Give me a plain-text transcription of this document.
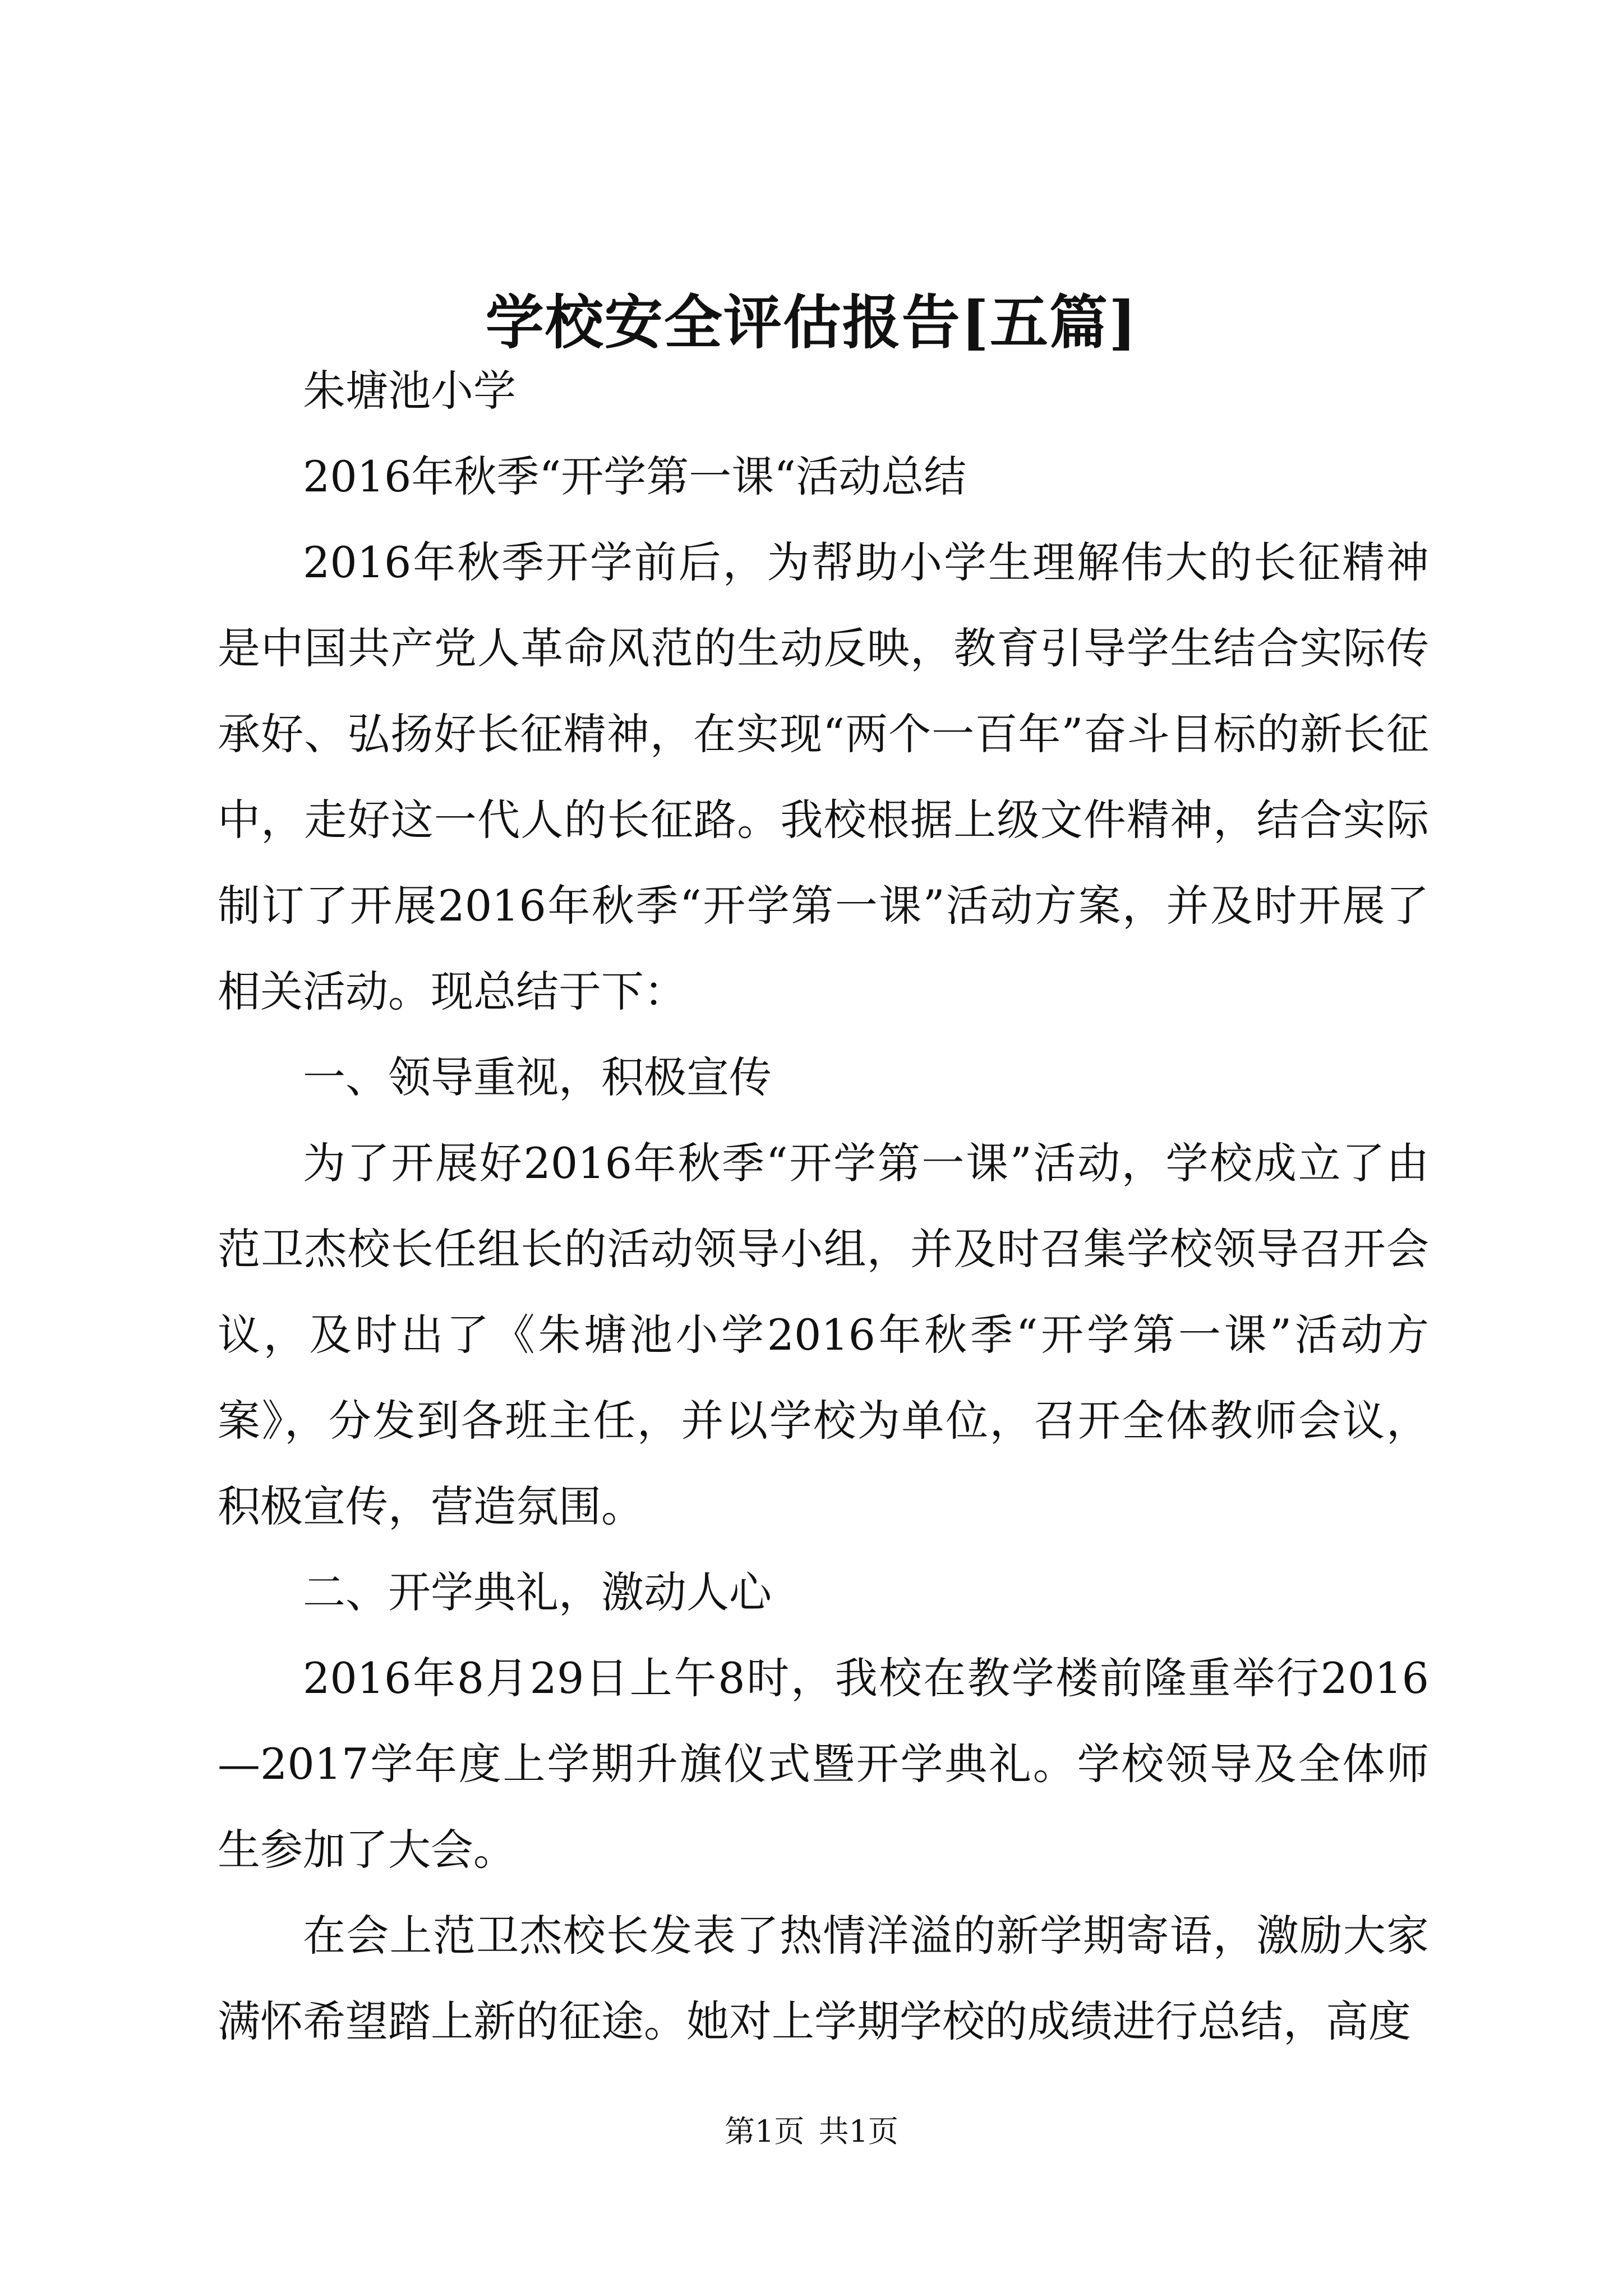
学校安全评估报告[五篇]

朱塘池小学

2016年秋季“开学第一课“活动总结

2016年秋季开学前后，为帮助小学生理解伟大的长征精神是中国共产党人革命风范的生动反映，教育引导学生结合实际传承好、弘扬好长征精神，在实现“两个一百年”奋斗目标的新长征中，走好这一代人的长征路。我校根据上级文件精神，结合实际制订了开展2016年秋季“开学第一课”活动方案，并及时开展了相关活动。现总结于下：

一、领导重视，积极宣传

为了开展好2016年秋季“开学第一课”活动，学校成立了由范卫杰校长任组长的活动领导小组，并及时召集学校领导召开会议，及时出了《朱塘池小学2016年秋季“开学第一课”活动方案》，分发到各班主任，并以学校为单位，召开全体教师会议，积极宣传，营造氛围。

二、开学典礼，激动人心

2016年8月29日上午8时，我校在教学楼前隆重举行2016—2017学年度上学期升旗仪式暨开学典礼。学校领导及全体师生参加了大会。

在会上范卫杰校长发表了热情洋溢的新学期寄语，激励大家满怀希望踏上新的征途。她对上学期学校的成绩进行总结，高度

第1页 共1页
